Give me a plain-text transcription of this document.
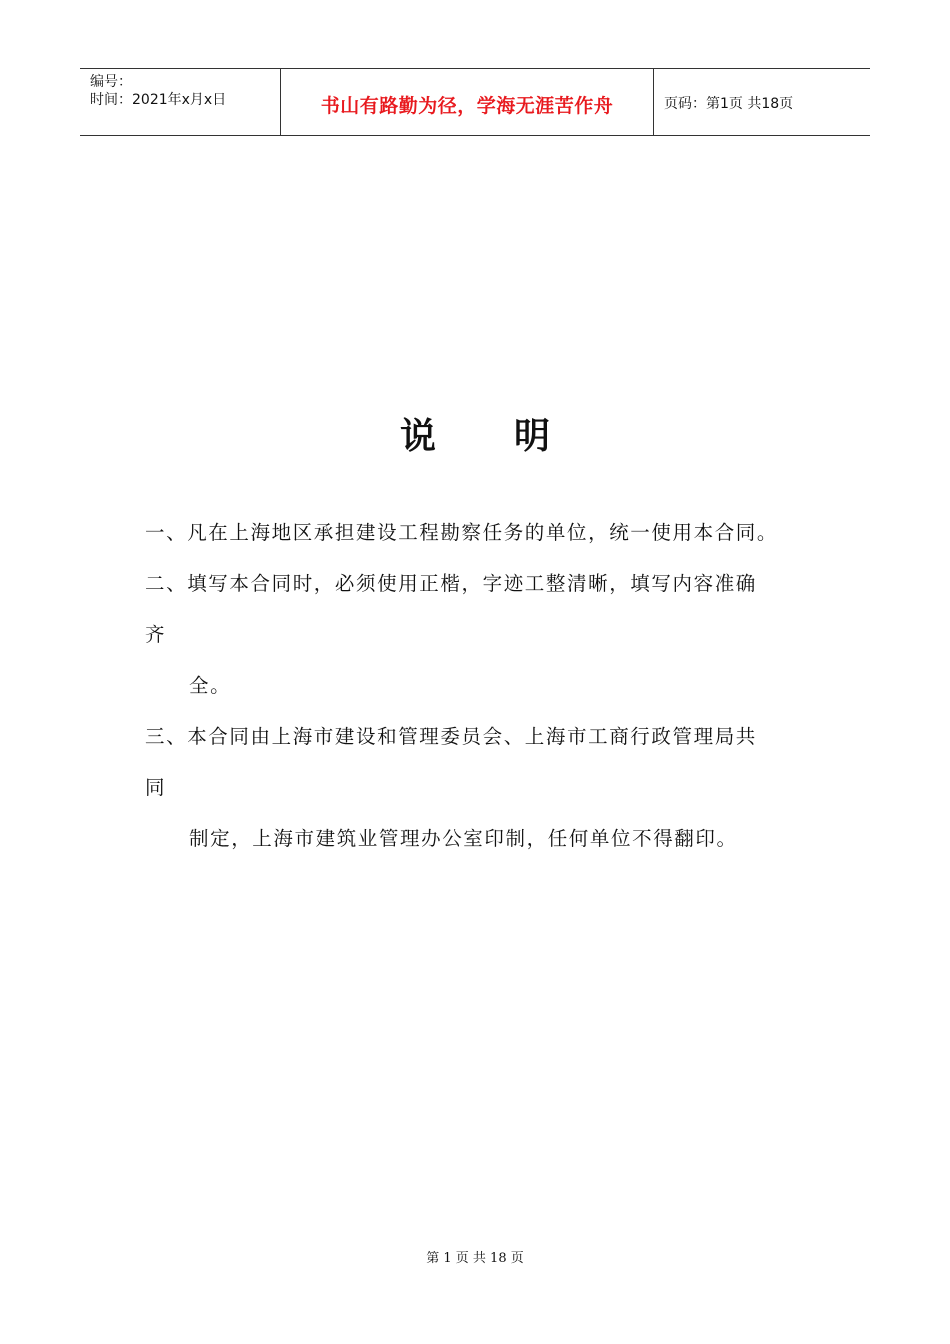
编号：
时间：2021年x月x日	书山有路勤为径，学海无涯苦作舟	页码：第1页 共18页
说 明
一、凡在上海地区承担建设工程勘察任务的单位，统一使用本合同。
二、填写本合同时，必须使用正楷，字迹工整清晰，填写内容准确
齐
全。
三、本合同由上海市建设和管理委员会、上海市工商行政管理局共
同
制定，上海市建筑业管理办公室印制，任何单位不得翻印。
第 1 页 共 18 页
